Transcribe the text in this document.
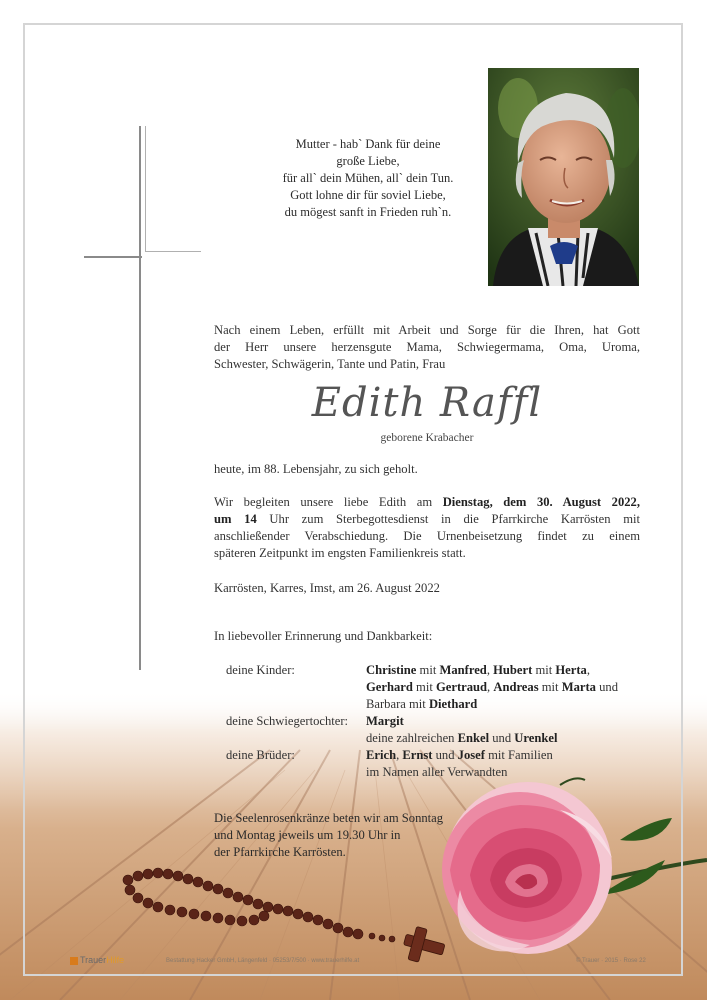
Mutter - hab` Dank für deine
große Liebe,
für all` dein Mühen, all` dein Tun.
Gott lohne dir für soviel Liebe,
du mögest sanft in Frieden ruh`n.
Nach einem Leben, erfüllt mit Arbeit und Sorge für die Ihren, hat Gott
der Herr unsere herzensgute Mama, Schwiegermama, Oma, Uroma,
Schwester, Schwägerin, Tante und Patin, Frau
Edith Raffl
geborene Krabacher
heute, im 88. Lebensjahr, zu sich geholt.
Wir begleiten unsere liebe Edith am Dienstag, dem 30. August 2022,
um 14 Uhr zum Sterbegottesdienst in die Pfarrkirche Karrösten mit
anschließender Verabschiedung. Die Urnenbeisetzung findet zu einem
späteren Zeitpunkt im engsten Familienkreis statt.
Karrösten, Karres, Imst, am 26. August 2022
In liebevoller Erinnerung und Dankbarkeit:
deine Kinder:	Christine mit Manfred, Hubert mit Herta,
Gerhard mit Gertraud, Andreas mit Marta und
Barbara mit Diethard
deine Schwiegertochter: Margit
deine zahlreichen Enkel und Urenkel
deine Brüder:	Erich, Ernst und Josef mit Familien
im Namen aller Verwandten
Die Seelenrosenkränze beten wir am Sonntag
und Montag jeweils um 19.30 Uhr in
der Pfarrkirche Karrösten.
TrauerHilfe	Bestattung Hacker GmbH, Längenfeld · 05253/7/500 · www.trauerhilfe.at	© Trauer · 2015 · Rose 22
